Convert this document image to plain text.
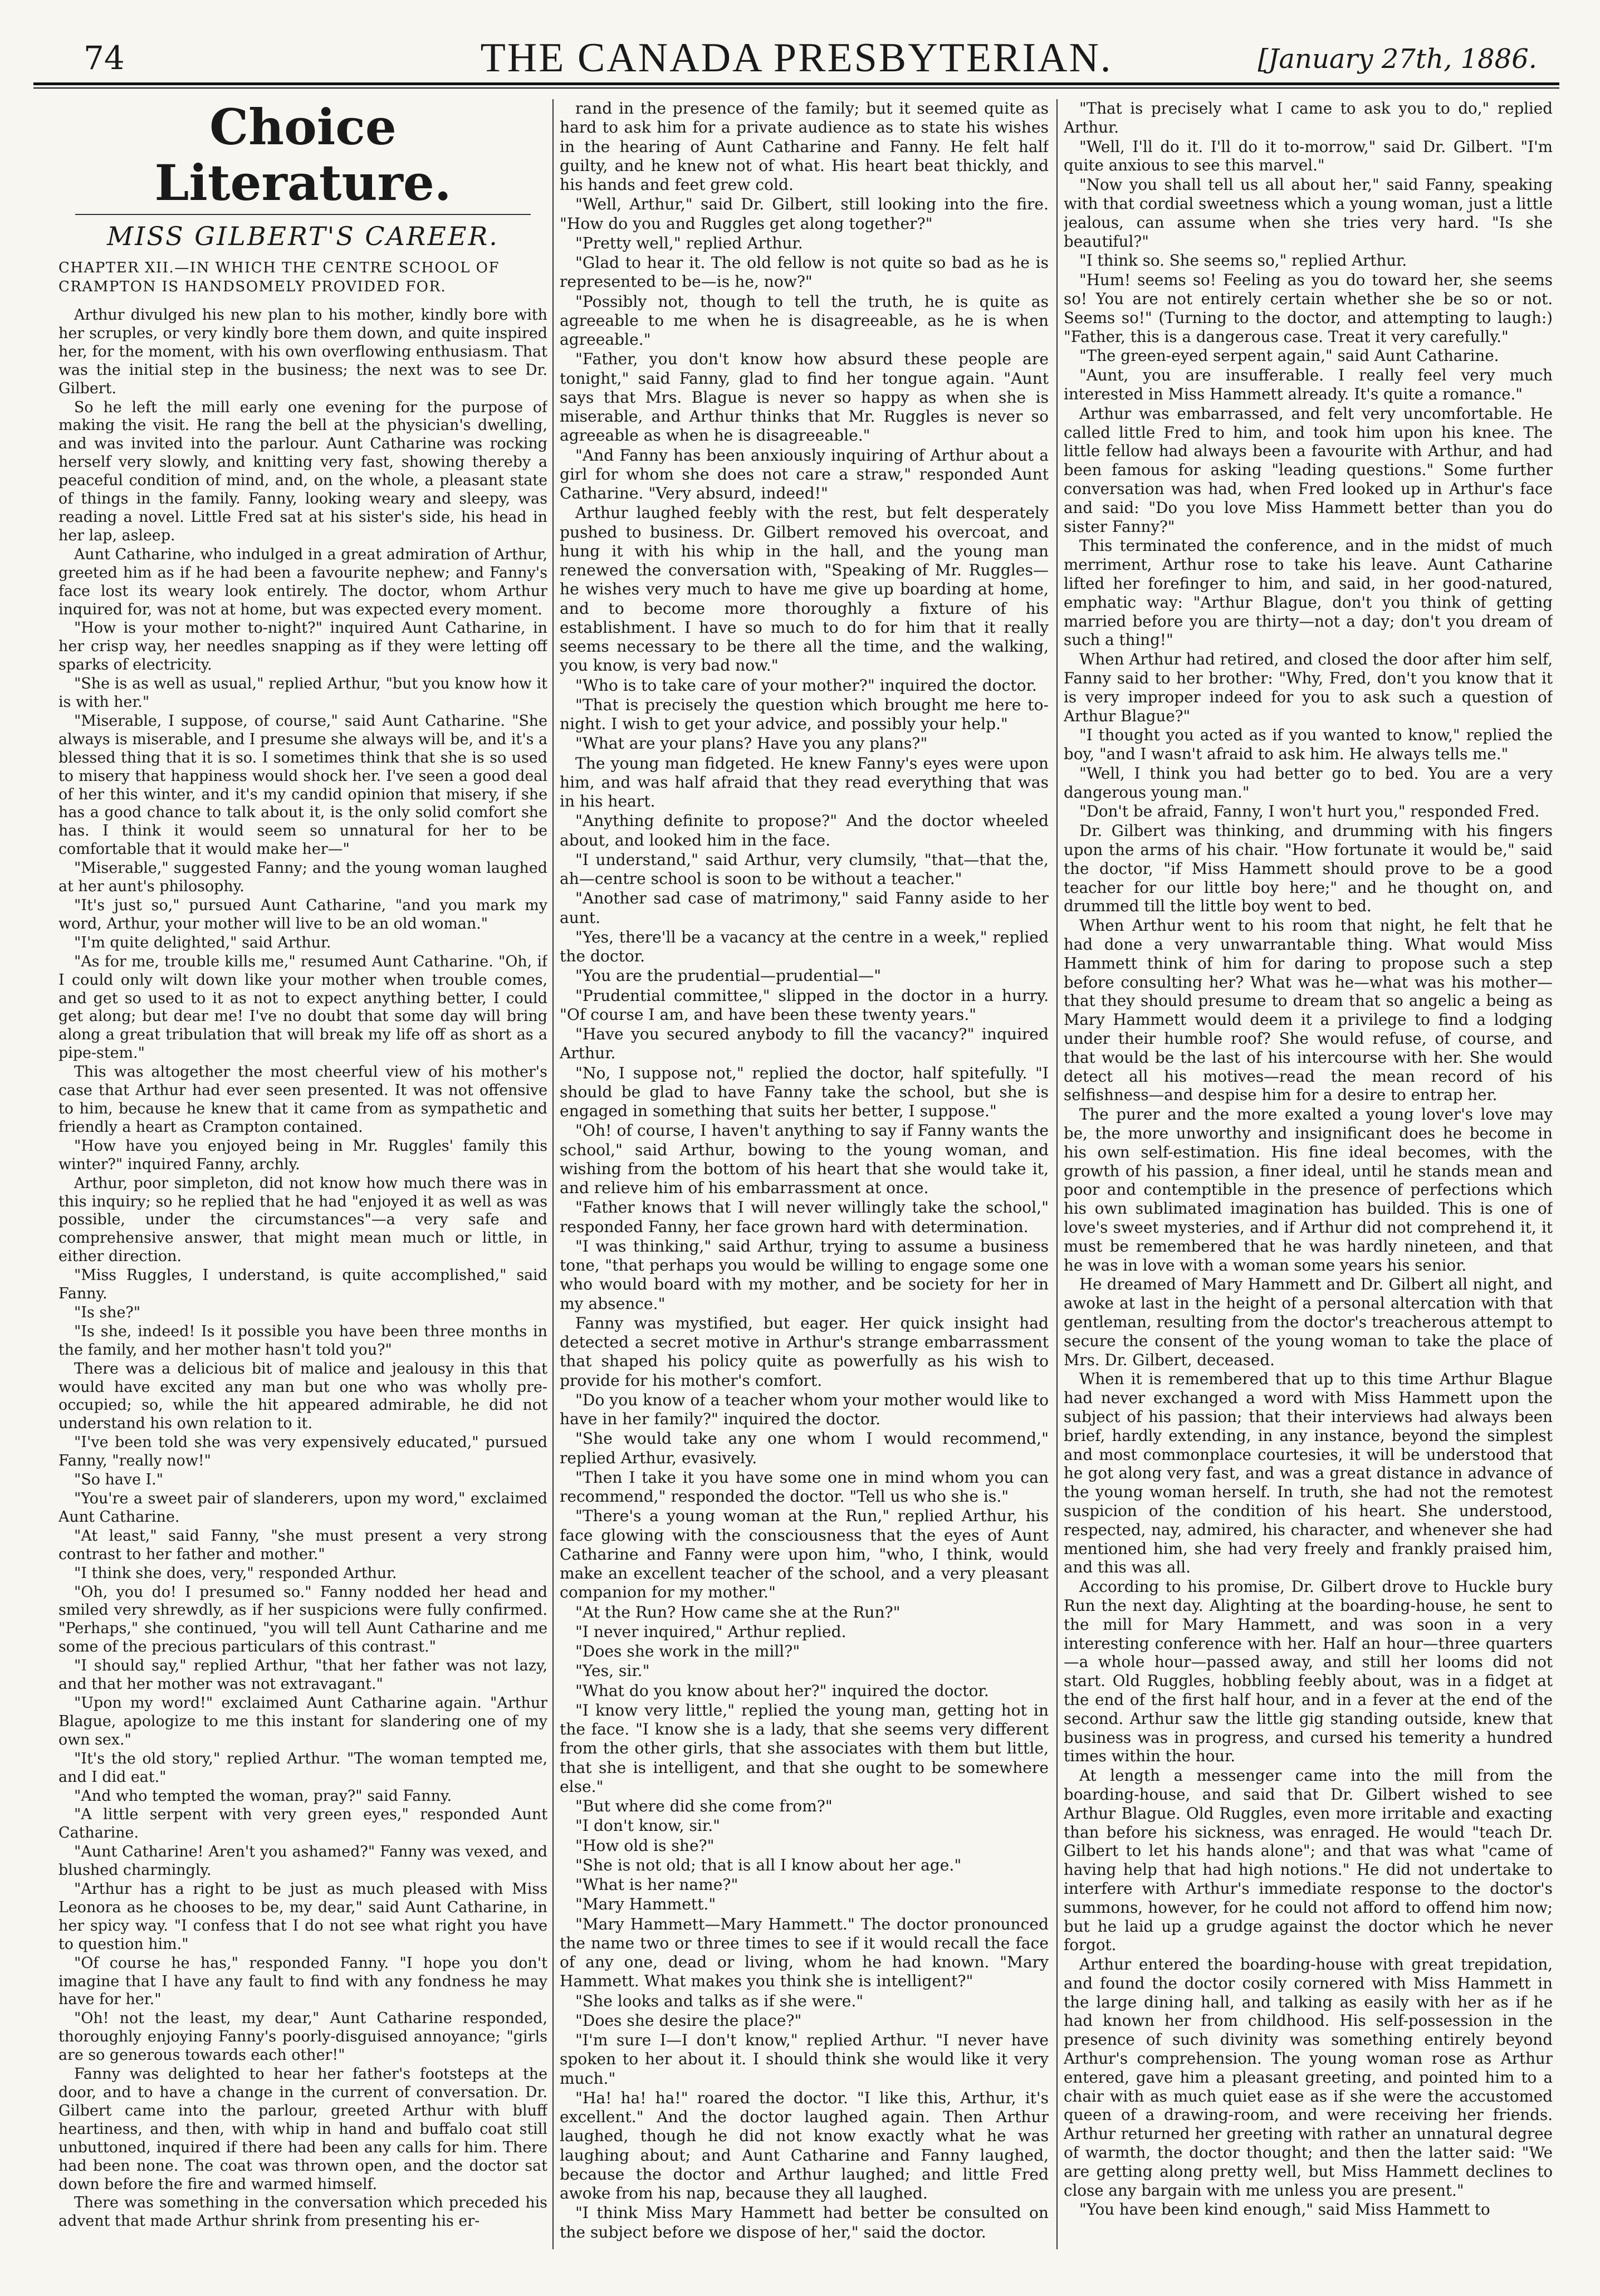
74	THE CANADA PRESBYTERIAN.	[January 27th, 1886.
Choice Literature.
MISS GILBERT'S CAREER.

CHAPTER XII.—IN WHICH THE CENTRE SCHOOL OF CRAMPTON IS HANDSOMELY PROVIDED FOR.

Arthur divulged his new plan to his mother, kindly bore with her scruples, or very kindly bore them down, and quite inspired her, for the moment, with his own overflowing enthusiasm. That was the initial step in the business; the next was to see Dr. Gilbert.

So he left the mill early one evening for the purpose of making the visit. He rang the bell at the physician's dwelling, and was invited into the parlour. Aunt Catharine was rocking herself very slowly, and knitting very fast, showing thereby a peaceful condition of mind, and, on the whole, a pleasant state of things in the family. Fanny, looking weary and sleepy, was reading a novel. Little Fred sat at his sister's side, his head in her lap, asleep.

Aunt Catharine, who indulged in a great admiration of Arthur, greeted him as if he had been a favourite nephew; and Fanny's face lost its weary look entirely. The doctor, whom Arthur inquired for, was not at home, but was expected every moment.

"How is your mother to-night?" inquired Aunt Catharine, in her crisp way, her needles snapping as if they were letting off sparks of electricity.

"She is as well as usual," replied Arthur, "but you know how it is with her."

"Miserable, I suppose, of course," said Aunt Catharine. "She always is miserable, and I presume she always will be, and it's a blessed thing that it is so. I sometimes think that she is so used to misery that happiness would shock her. I've seen a good deal of her this winter, and it's my candid opinion that misery, if she has a good chance to talk about it, is the only solid comfort she has. I think it would seem so unnatural for her to be comfortable that it would make her—"

"Miserable," suggested Fanny; and the young woman laughed at her aunt's philosophy.

"It's just so," pursued Aunt Catharine, "and you mark my word, Arthur, your mother will live to be an old woman."

"I'm quite delighted," said Arthur.

"As for me, trouble kills me," resumed Aunt Catharine. "Oh, if I could only wilt down like your mother when trouble comes, and get so used to it as not to expect anything better, I could get along; but dear me! I've no doubt that some day will bring along a great tribulation that will break my life off as short as a pipe-stem."

This was altogether the most cheerful view of his mother's case that Arthur had ever seen presented. It was not offensive to him, because he knew that it came from as sympathetic and friendly a heart as Crampton contained.

"How have you enjoyed being in Mr. Ruggles' family this winter?" inquired Fanny, archly.

Arthur, poor simpleton, did not know how much there was in this inquiry; so he replied that he had "enjoyed it as well as was possible, under the circumstances"—a very safe and comprehensive answer, that might mean much or little, in either direction.

"Miss Ruggles, I understand, is quite accomplished," said Fanny.

"Is she?"

"Is she, indeed! Is it possible you have been three months in the family, and her mother hasn't told you?"

There was a delicious bit of malice and jealousy in this that would have excited any man but one who was wholly pre-occupied; so, while the hit appeared admirable, he did not understand his own relation to it.

"I've been told she was very expensively educated," pursued Fanny, "really now!"

"So have I."

"You're a sweet pair of slanderers, upon my word," exclaimed Aunt Catharine.

"At least," said Fanny, "she must present a very strong contrast to her father and mother."

"I think she does, very," responded Arthur.

"Oh, you do! I presumed so." Fanny nodded her head and smiled very shrewdly, as if her suspicions were fully confirmed. "Perhaps," she continued, "you will tell Aunt Catharine and me some of the precious particulars of this contrast."

"I should say," replied Arthur, "that her father was not lazy, and that her mother was not extravagant."

"Upon my word!" exclaimed Aunt Catharine again. "Arthur Blague, apologize to me this instant for slandering one of my own sex."

"It's the old story," replied Arthur. "The woman tempted me, and I did eat."

"And who tempted the woman, pray?" said Fanny.

"A little serpent with very green eyes," responded Aunt Catharine.

"Aunt Catharine! Aren't you ashamed?" Fanny was vexed, and blushed charmingly.

"Arthur has a right to be just as much pleased with Miss Leonora as he chooses to be, my dear," said Aunt Catharine, in her spicy way. "I confess that I do not see what right you have to question him."

"Of course he has," responded Fanny. "I hope you don't imagine that I have any fault to find with any fondness he may have for her."

"Oh! not the least, my dear," Aunt Catharine responded, thoroughly enjoying Fanny's poorly-disguised annoyance; "girls are so generous towards each other!"

Fanny was delighted to hear her father's footsteps at the door, and to have a change in the current of conversation. Dr. Gilbert came into the parlour, greeted Arthur with bluff heartiness, and then, with whip in hand and buffalo coat still unbuttoned, inquired if there had been any calls for him. There had been none. The coat was thrown open, and the doctor sat down before the fire and warmed himself.

There was something in the conversation which preceded his advent that made Arthur shrink from presenting his er-

rand in the presence of the family; but it seemed quite as hard to ask him for a private audience as to state his wishes in the hearing of Aunt Catharine and Fanny. He felt half guilty, and he knew not of what. His heart beat thickly, and his hands and feet grew cold.

"Well, Arthur," said Dr. Gilbert, still looking into the fire. "How do you and Ruggles get along together?"

"Pretty well," replied Arthur.

"Glad to hear it. The old fellow is not quite so bad as he is represented to be—is he, now?"

"Possibly not, though to tell the truth, he is quite as agreeable to me when he is disagreeable, as he is when agreeable."

"Father, you don't know how absurd these people are tonight," said Fanny, glad to find her tongue again. "Aunt says that Mrs. Blague is never so happy as when she is miserable, and Arthur thinks that Mr. Ruggles is never so agreeable as when he is disagreeable."

"And Fanny has been anxiously inquiring of Arthur about a girl for whom she does not care a straw," responded Aunt Catharine. "Very absurd, indeed!"

Arthur laughed feebly with the rest, but felt desperately pushed to business. Dr. Gilbert removed his overcoat, and hung it with his whip in the hall, and the young man renewed the conversation with, "Speaking of Mr. Ruggles—he wishes very much to have me give up boarding at home, and to become more thoroughly a fixture of his establishment. I have so much to do for him that it really seems necessary to be there all the time, and the walking, you know, is very bad now."

"Who is to take care of your mother?" inquired the doctor.

"That is precisely the question which brought me here to-night. I wish to get your advice, and possibly your help."

"What are your plans? Have you any plans?"

The young man fidgeted. He knew Fanny's eyes were upon him, and was half afraid that they read everything that was in his heart.

"Anything definite to propose?" And the doctor wheeled about, and looked him in the face.

"I understand," said Arthur, very clumsily, "that—that the, ah—centre school is soon to be without a teacher."

"Another sad case of matrimony," said Fanny aside to her aunt.

"Yes, there'll be a vacancy at the centre in a week," replied the doctor.

"You are the prudential—prudential—"

"Prudential committee," slipped in the doctor in a hurry. "Of course I am, and have been these twenty years."

"Have you secured anybody to fill the vacancy?" inquired Arthur.

"No, I suppose not," replied the doctor, half spitefully. "I should be glad to have Fanny take the school, but she is engaged in something that suits her better, I suppose."

"Oh! of course, I haven't anything to say if Fanny wants the school," said Arthur, bowing to the young woman, and wishing from the bottom of his heart that she would take it, and relieve him of his embarrassment at once.

"Father knows that I will never willingly take the school," responded Fanny, her face grown hard with determination.

"I was thinking," said Arthur, trying to assume a business tone, "that perhaps you would be willing to engage some one who would board with my mother, and be society for her in my absence."

Fanny was mystified, but eager. Her quick insight had detected a secret motive in Arthur's strange embarrassment that shaped his policy quite as powerfully as his wish to provide for his mother's comfort.

"Do you know of a teacher whom your mother would like to have in her family?" inquired the doctor.

"She would take any one whom I would recommend," replied Arthur, evasively.

"Then I take it you have some one in mind whom you can recommend," responded the doctor. "Tell us who she is."

"There's a young woman at the Run," replied Arthur, his face glowing with the consciousness that the eyes of Aunt Catharine and Fanny were upon him, "who, I think, would make an excellent teacher of the school, and a very pleasant companion for my mother."

"At the Run? How came she at the Run?"

"I never inquired," Arthur replied.

"Does she work in the mill?"

"Yes, sir."

"What do you know about her?" inquired the doctor.

"I know very little," replied the young man, getting hot in the face. "I know she is a lady, that she seems very different from the other girls, that she associates with them but little, that she is intelligent, and that she ought to be somewhere else."

"But where did she come from?"

"I don't know, sir."

"How old is she?"

"She is not old; that is all I know about her age."

"What is her name?"

"Mary Hammett."

"Mary Hammett—Mary Hammett." The doctor pronounced the name two or three times to see if it would recall the face of any one, dead or living, whom he had known. "Mary Hammett. What makes you think she is intelligent?"

"She looks and talks as if she were."

"Does she desire the place?"

"I'm sure I—I don't know," replied Arthur. "I never have spoken to her about it. I should think she would like it very much."

"Ha! ha! ha!" roared the doctor. "I like this, Arthur, it's excellent." And the doctor laughed again. Then Arthur laughed, though he did not know exactly what he was laughing about; and Aunt Catharine and Fanny laughed, because the doctor and Arthur laughed; and little Fred awoke from his nap, because they all laughed.

"I think Miss Mary Hammett had better be consulted on the subject before we dispose of her," said the doctor.

"That is precisely what I came to ask you to do," replied Arthur.

"Well, I'll do it. I'll do it to-morrow," said Dr. Gilbert. "I'm quite anxious to see this marvel."

"Now you shall tell us all about her," said Fanny, speaking with that cordial sweetness which a young woman, just a little jealous, can assume when she tries very hard. "Is she beautiful?"

"I think so. She seems so," replied Arthur.

"Hum! seems so! Feeling as you do toward her, she seems so! You are not entirely certain whether she be so or not. Seems so!" (Turning to the doctor, and attempting to laugh:) "Father, this is a dangerous case. Treat it very carefully."

"The green-eyed serpent again," said Aunt Catharine.

"Aunt, you are insufferable. I really feel very much interested in Miss Hammett already. It's quite a romance."

Arthur was embarrassed, and felt very uncomfortable. He called little Fred to him, and took him upon his knee. The little fellow had always been a favourite with Arthur, and had been famous for asking "leading questions." Some further conversation was had, when Fred looked up in Arthur's face and said: "Do you love Miss Hammett better than you do sister Fanny?"

This terminated the conference, and in the midst of much merriment, Arthur rose to take his leave. Aunt Catharine lifted her forefinger to him, and said, in her good-natured, emphatic way: "Arthur Blague, don't you think of getting married before you are thirty—not a day; don't you dream of such a thing!"

When Arthur had retired, and closed the door after him self, Fanny said to her brother: "Why, Fred, don't you know that it is very improper indeed for you to ask such a question of Arthur Blague?"

"I thought you acted as if you wanted to know," replied the boy, "and I wasn't afraid to ask him. He always tells me."

"Well, I think you had better go to bed. You are a very dangerous young man."

"Don't be afraid, Fanny, I won't hurt you," responded Fred.

Dr. Gilbert was thinking, and drumming with his fingers upon the arms of his chair. "How fortunate it would be," said the doctor, "if Miss Hammett should prove to be a good teacher for our little boy here;" and he thought on, and drummed till the little boy went to bed.

When Arthur went to his room that night, he felt that he had done a very unwarrantable thing. What would Miss Hammett think of him for daring to propose such a step before consulting her? What was he—what was his mother—that they should presume to dream that so angelic a being as Mary Hammett would deem it a privilege to find a lodging under their humble roof? She would refuse, of course, and that would be the last of his intercourse with her. She would detect all his motives—read the mean record of his selfishness—and despise him for a desire to entrap her.

The purer and the more exalted a young lover's love may be, the more unworthy and insignificant does he become in his own self-estimation. His fine ideal becomes, with the growth of his passion, a finer ideal, until he stands mean and poor and contemptible in the presence of perfections which his own sublimated imagination has builded. This is one of love's sweet mysteries, and if Arthur did not comprehend it, it must be remembered that he was hardly nineteen, and that he was in love with a woman some years his senior.

He dreamed of Mary Hammett and Dr. Gilbert all night, and awoke at last in the height of a personal altercation with that gentleman, resulting from the doctor's treacherous attempt to secure the consent of the young woman to take the place of Mrs. Dr. Gilbert, deceased.

When it is remembered that up to this time Arthur Blague had never exchanged a word with Miss Hammett upon the subject of his passion; that their interviews had always been brief, hardly extending, in any instance, beyond the simplest and most commonplace courtesies, it will be understood that he got along very fast, and was a great distance in advance of the young woman herself. In truth, she had not the remotest suspicion of the condition of his heart. She understood, respected, nay, admired, his character, and whenever she had mentioned him, she had very freely and frankly praised him, and this was all.

According to his promise, Dr. Gilbert drove to Huckle bury Run the next day. Alighting at the boarding-house, he sent to the mill for Mary Hammett, and was soon in a very interesting conference with her. Half an hour—three quarters—a whole hour—passed away, and still her looms did not start. Old Ruggles, hobbling feebly about, was in a fidget at the end of the first half hour, and in a fever at the end of the second. Arthur saw the little gig standing outside, knew that business was in progress, and cursed his temerity a hundred times within the hour.

At length a messenger came into the mill from the boarding-house, and said that Dr. Gilbert wished to see Arthur Blague. Old Ruggles, even more irritable and exacting than before his sickness, was enraged. He would "teach Dr. Gilbert to let his hands alone"; and that was what "came of having help that had high notions." He did not undertake to interfere with Arthur's immediate response to the doctor's summons, however, for he could not afford to offend him now; but he laid up a grudge against the doctor which he never forgot.

Arthur entered the boarding-house with great trepidation, and found the doctor cosily cornered with Miss Hammett in the large dining hall, and talking as easily with her as if he had known her from childhood. His self-possession in the presence of such divinity was something entirely beyond Arthur's comprehension. The young woman rose as Arthur entered, gave him a pleasant greeting, and pointed him to a chair with as much quiet ease as if she were the accustomed queen of a drawing-room, and were receiving her friends. Arthur returned her greeting with rather an unnatural degree of warmth, the doctor thought; and then the latter said: "We are getting along pretty well, but Miss Hammett declines to close any bargain with me unless you are present."

"You have been kind enough," said Miss Hammett to
